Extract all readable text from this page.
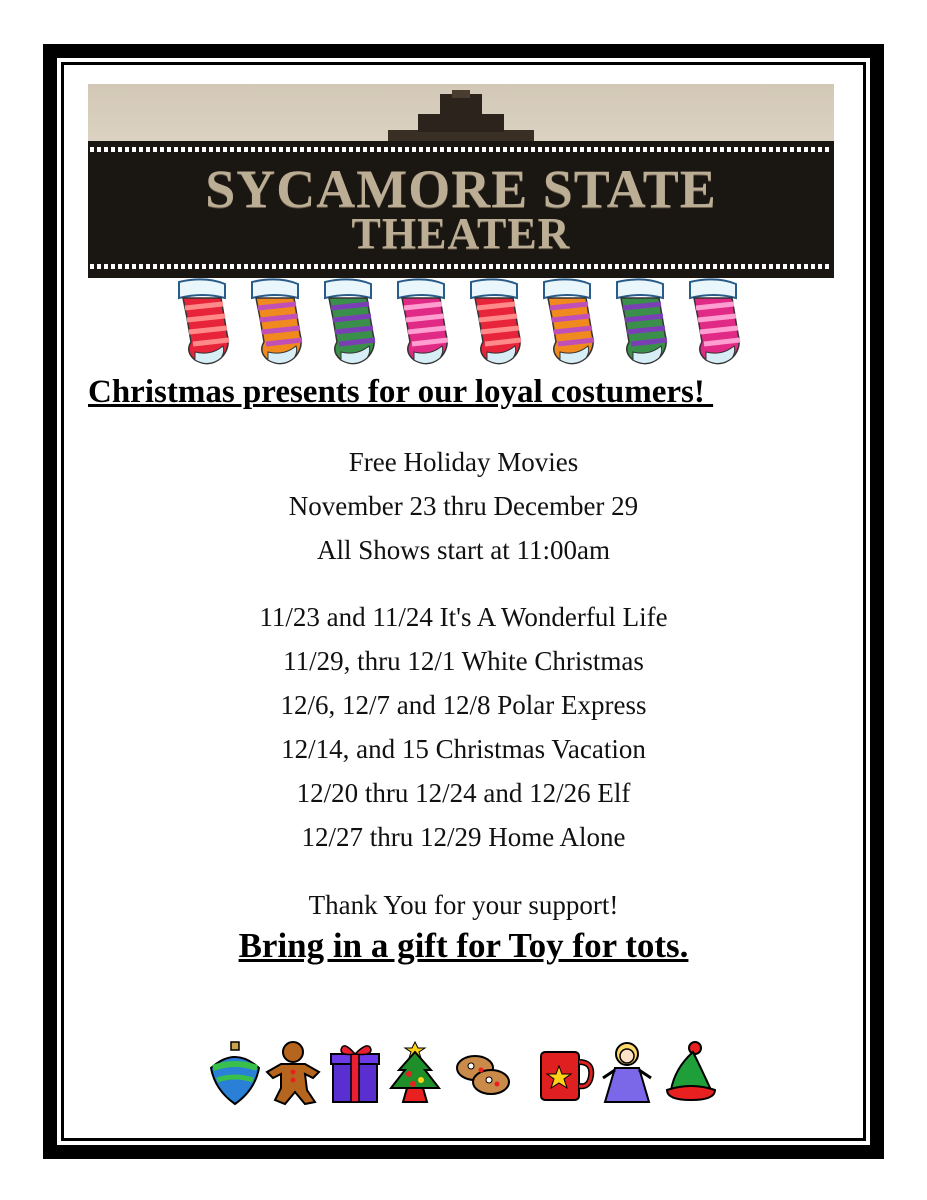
SYCAMORE STATE
THEATER
Christmas presents for our loyal costumers!
Free Holiday Movies
November 23 thru December 29
All Shows start at 11:00am
11/23 and 11/24 It's A Wonderful Life
11/29, thru 12/1 White Christmas
12/6, 12/7 and 12/8 Polar Express
12/14, and 15 Christmas Vacation
12/20 thru 12/24 and 12/26 Elf
12/27 thru 12/29 Home Alone
Thank You for your support!
Bring in a gift for Toy for tots.
